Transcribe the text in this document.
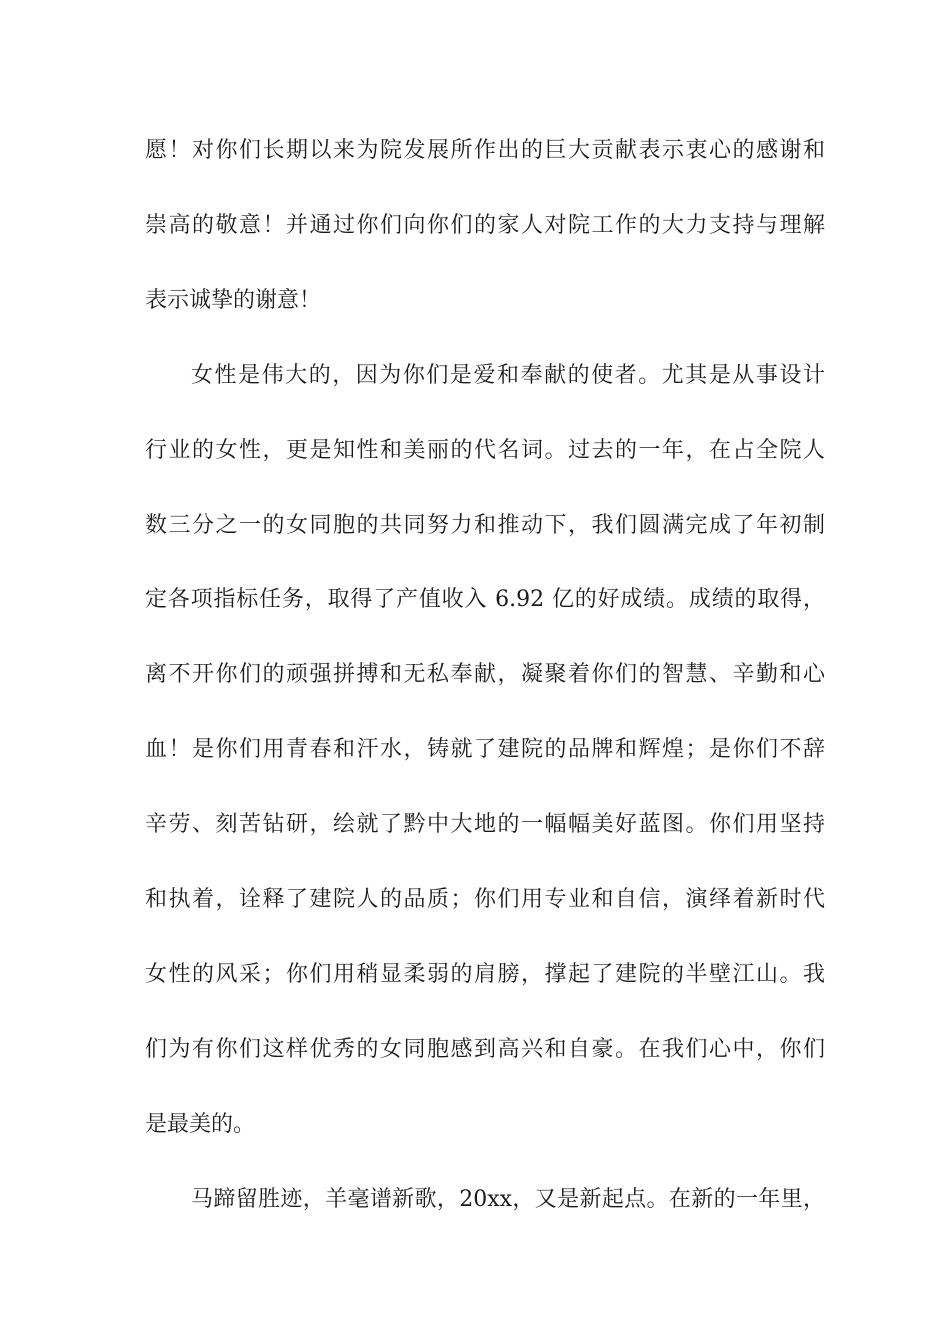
愿！对你们长期以来为院发展所作出的巨大贡献表示衷心的感谢和
崇高的敬意！并通过你们向你们的家人对院工作的大力支持与理解
表示诚挚的谢意！
女性是伟大的，因为你们是爱和奉献的使者。尤其是从事设计
行业的女性，更是知性和美丽的代名词。过去的一年，在占全院人
数三分之一的女同胞的共同努力和推动下，我们圆满完成了年初制
定各项指标任务，取得了产值收入 6.92 亿的好成绩。成绩的取得，
离不开你们的顽强拼搏和无私奉献，凝聚着你们的智慧、辛勤和心
血！是你们用青春和汗水，铸就了建院的品牌和辉煌；是你们不辞
辛劳、刻苦钻研，绘就了黔中大地的一幅幅美好蓝图。你们用坚持
和执着，诠释了建院人的品质；你们用专业和自信，演绎着新时代
女性的风采；你们用稍显柔弱的肩膀，撑起了建院的半壁江山。我
们为有你们这样优秀的女同胞感到高兴和自豪。在我们心中，你们
是最美的。
马蹄留胜迹，羊毫谱新歌，20xx，又是新起点。在新的一年里，
